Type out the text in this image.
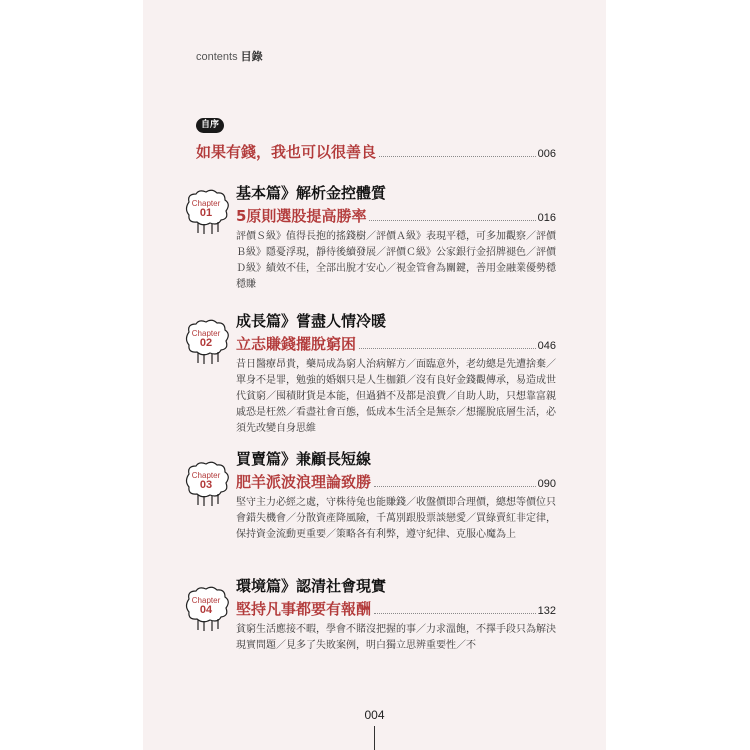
contents 目錄
自序
如果有錢，我也可以很善良	006
Chapter
01
基本篇》解析金控體質
5原則選股提高勝率	016
評價Ｓ級》值得長抱的搖錢樹／評價Ａ級》表現平穩，可多加觀察／評價Ｂ級》隱憂浮現，靜待後續發展／評價Ｃ級》公家銀行金招牌褪色／評價Ｄ級》績效不佳，全部出脫才安心／視金管會為關鍵，善用金融業優勢穩穩賺
Chapter
02
成長篇》嘗盡人情冷暖
立志賺錢擺脫窮困	046
昔日醫療昂貴，藥局成為窮人治病解方／面臨意外，老幼總是先遭捨棄／單身不是罪，勉強的婚姻只是人生枷鎖／沒有良好金錢觀傳承，易造成世代貧窮／囤積財貨是本能，但過猶不及都是浪費／自助人助，只想靠富親戚恐是枉然／看盡社會百態，低成本生活全是無奈／想擺脫底層生活，必須先改變自身思維
Chapter
03
買賣篇》兼顧長短線
肥羊派波浪理論致勝	090
堅守主力必經之處，守株待兔也能賺錢／收盤價即合理價，總想等價位只會錯失機會／分散資產降風險，千萬別跟股票談戀愛／買綠賣紅非定律，保持資金流動更重要／策略各有利弊，遵守紀律、克服心魔為上
Chapter
04
環境篇》認清社會現實
堅持凡事都要有報酬	132
貧窮生活應接不暇，學會不賭沒把握的事／力求溫飽，不擇手段只為解決現實問題／見多了失敗案例，明白獨立思辨重要性／不
004
